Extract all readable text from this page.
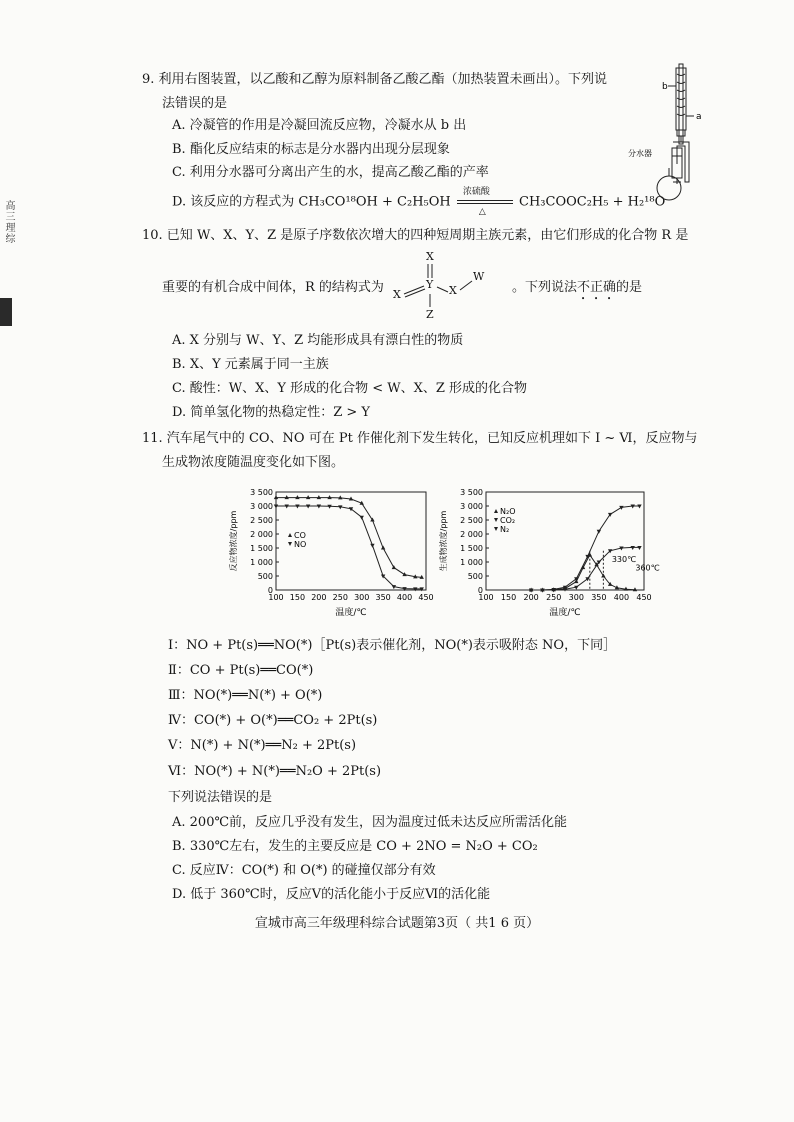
高三理综
9. 利用右图装置，以乙酸和乙醇为原料制备乙酸乙酯（加热装置未画出）。下列说
法错误的是
A. 冷凝管的作用是冷凝回流反应物，冷凝水从 b 出
B. 酯化反应结束的标志是分水器内出现分层现象
C. 利用分水器可分离出产生的水，提高乙酸乙酯的产率
D. 该反应的方程式为 CH₃CO¹⁸OH + C₂H₅OH
浓硫酸
△
CH₃COOC₂H₅ + H₂¹⁸O
b
a
分水器
10. 已知 W、X、Y、Z 是原子序数依次增大的四种短周期主族元素，由它们形成的化合物 R 是
重要的有机合成中间体，R 的结构式为
X
X
Y X
W
Z
。下列说法不正确的是
A. X 分别与 W、Y、Z 均能形成具有漂白性的物质
B. X、Y 元素属于同一主族
C. 酸性：W、X、Y 形成的化合物 < W、X、Z 形成的化合物
D. 简单氢化物的热稳定性：Z > Y
11. 汽车尾气中的 CO、NO 可在 Pt 作催化剂下发生转化，已知反应机理如下 Ⅰ ~ Ⅵ，反应物与
生成物浓度随温度变化如下图。
0
500
1 000
1 500
2 000
2 500
3 000
3 500
100 150 200 250 300 350 400 450
温度/℃
反应物浓度/ppm	CO
NO
0
500
1 000
1 500
2 000
2 500
3 000
3 500
100 150 200 250 300 350 400 450
温度/℃
生成物浓度/ppm	N₂O
CO₂
N₂
330℃
360℃
Ⅰ：NO + Pt(s)══NO(*)［Pt(s)表示催化剂，NO(*)表示吸附态 NO，下同］
Ⅱ：CO + Pt(s)══CO(*)
Ⅲ：NO(*)══N(*) + O(*)
Ⅳ：CO(*) + O(*)══CO₂ + 2Pt(s)
Ⅴ：N(*) + N(*)══N₂ + 2Pt(s)
Ⅵ：NO(*) + N(*)══N₂O + 2Pt(s)
下列说法错误的是
A. 200℃前，反应几乎没有发生，因为温度过低未达反应所需活化能
B. 330℃左右，发生的主要反应是 CO + 2NO = N₂O + CO₂
C. 反应Ⅳ：CO(*) 和 O(*) 的碰撞仅部分有效
D. 低于 360℃时，反应Ⅴ的活化能小于反应Ⅵ的活化能
宣城市高三年级理科综合试题第3页（ 共1 6 页）
